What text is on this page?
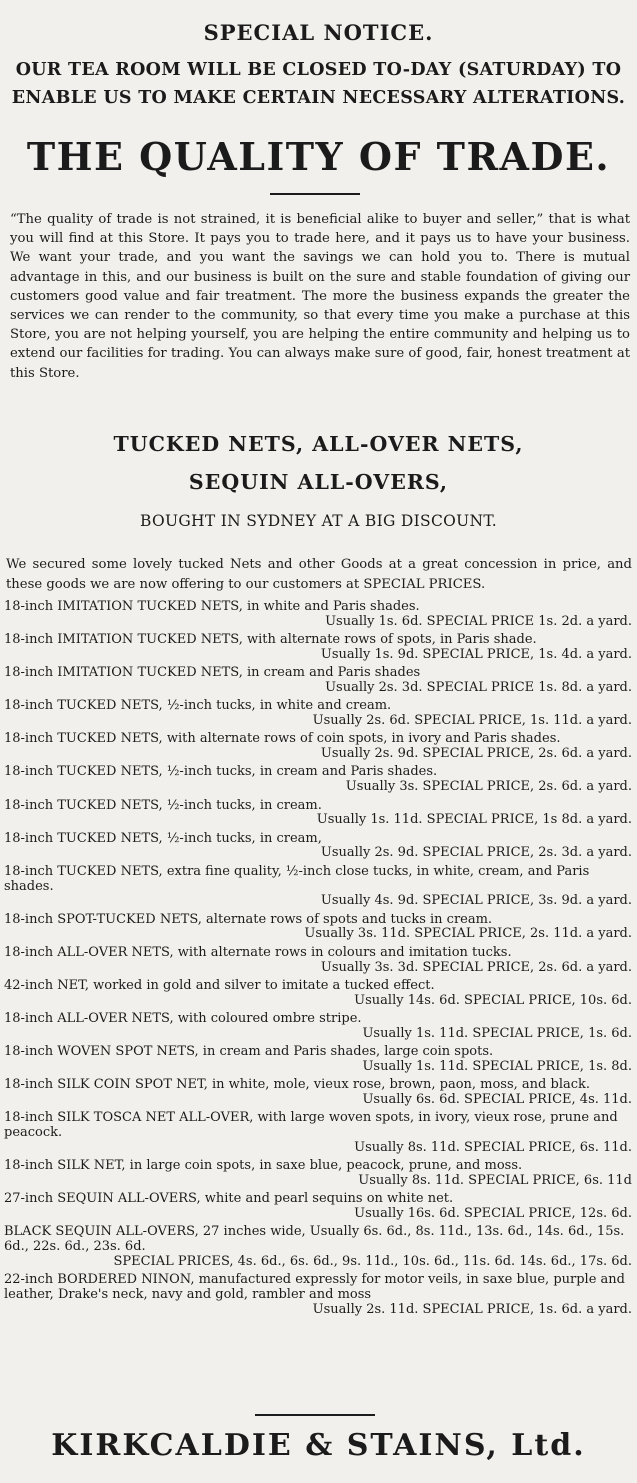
SPECIAL NOTICE.
OUR TEA ROOM WILL BE CLOSED TO-DAY (SATURDAY) TO
ENABLE US TO MAKE CERTAIN NECESSARY ALTERATIONS.
THE QUALITY OF TRADE.
“The quality of trade is not strained, it is beneficial alike to buyer and seller,” that is what you will find at this Store. It pays you to trade here, and it pays us to have your business. We want your trade, and you want the savings we can hold you to. There is mutual advantage in this, and our business is built on the sure and stable foundation of giving our customers good value and fair treatment. The more the business expands the greater the services we can render to the community, so that every time you make a purchase at this Store, you are not helping yourself, you are helping the entire community and helping us to extend our facilities for trading. You can always make sure of good, fair, honest treatment at this Store.
TUCKED NETS, ALL-OVER NETS,
SEQUIN ALL-OVERS,
BOUGHT IN SYDNEY AT A BIG DISCOUNT.
We secured some lovely tucked Nets and other Goods at a great concession in price, and these goods we are now offering to our customers at SPECIAL PRICES.
18-inch IMITATION TUCKED NETS, in white and Paris shades.
Usually 1s. 6d. SPECIAL PRICE 1s. 2d. a yard.
18-inch IMITATION TUCKED NETS, with alternate rows of spots, in Paris shade.
Usually 1s. 9d. SPECIAL PRICE, 1s. 4d. a yard.
18-inch IMITATION TUCKED NETS, in cream and Paris shades
Usually 2s. 3d. SPECIAL PRICE 1s. 8d. a yard.
18-inch TUCKED NETS, ½-inch tucks, in white and cream.
Usually 2s. 6d. SPECIAL PRICE, 1s. 11d. a yard.
18-inch TUCKED NETS, with alternate rows of coin spots, in ivory and Paris shades.
Usually 2s. 9d. SPECIAL PRICE, 2s. 6d. a yard.
18-inch TUCKED NETS, ½-inch tucks, in cream and Paris shades.
Usually 3s. SPECIAL PRICE, 2s. 6d. a yard.
18-inch TUCKED NETS, ½-inch tucks, in cream.
Usually 1s. 11d. SPECIAL PRICE, 1s 8d. a yard.
18-inch TUCKED NETS, ½-inch tucks, in cream,
Usually 2s. 9d. SPECIAL PRICE, 2s. 3d. a yard.
18-inch TUCKED NETS, extra fine quality, ½-inch close tucks, in white, cream, and Paris shades.
Usually 4s. 9d. SPECIAL PRICE, 3s. 9d. a yard.
18-inch SPOT-TUCKED NETS, alternate rows of spots and tucks in cream.
Usually 3s. 11d. SPECIAL PRICE, 2s. 11d. a yard.
18-inch ALL-OVER NETS, with alternate rows in colours and imitation tucks.
Usually 3s. 3d. SPECIAL PRICE, 2s. 6d. a yard.
42-inch NET, worked in gold and silver to imitate a tucked effect.
Usually 14s. 6d. SPECIAL PRICE, 10s. 6d.
18-inch ALL-OVER NETS, with coloured ombre stripe.
Usually 1s. 11d. SPECIAL PRICE, 1s. 6d.
18-inch WOVEN SPOT NETS, in cream and Paris shades, large coin spots.
Usually 1s. 11d. SPECIAL PRICE, 1s. 8d.
18-inch SILK COIN SPOT NET, in white, mole, vieux rose, brown, paon, moss, and black.
Usually 6s. 6d. SPECIAL PRICE, 4s. 11d.
18-inch SILK TOSCA NET ALL-OVER, with large woven spots, in ivory, vieux rose, prune and peacock.
Usually 8s. 11d. SPECIAL PRICE, 6s. 11d.
18-inch SILK NET, in large coin spots, in saxe blue, peacock, prune, and moss.
Usually 8s. 11d. SPECIAL PRICE, 6s. 11d
27-inch SEQUIN ALL-OVERS, white and pearl sequins on white net.
Usually 16s. 6d. SPECIAL PRICE, 12s. 6d.
BLACK SEQUIN ALL-OVERS, 27 inches wide, Usually 6s. 6d., 8s. 11d., 13s. 6d., 14s. 6d., 15s. 6d., 22s. 6d., 23s. 6d.
SPECIAL PRICES, 4s. 6d., 6s. 6d., 9s. 11d., 10s. 6d., 11s. 6d. 14s. 6d., 17s. 6d.
22-inch BORDERED NINON, manufactured expressly for motor veils, in saxe blue, purple and leather, Drake's neck, navy and gold, rambler and moss
Usually 2s. 11d. SPECIAL PRICE, 1s. 6d. a yard.
KIRKCALDIE & STAINS, Ltd.
